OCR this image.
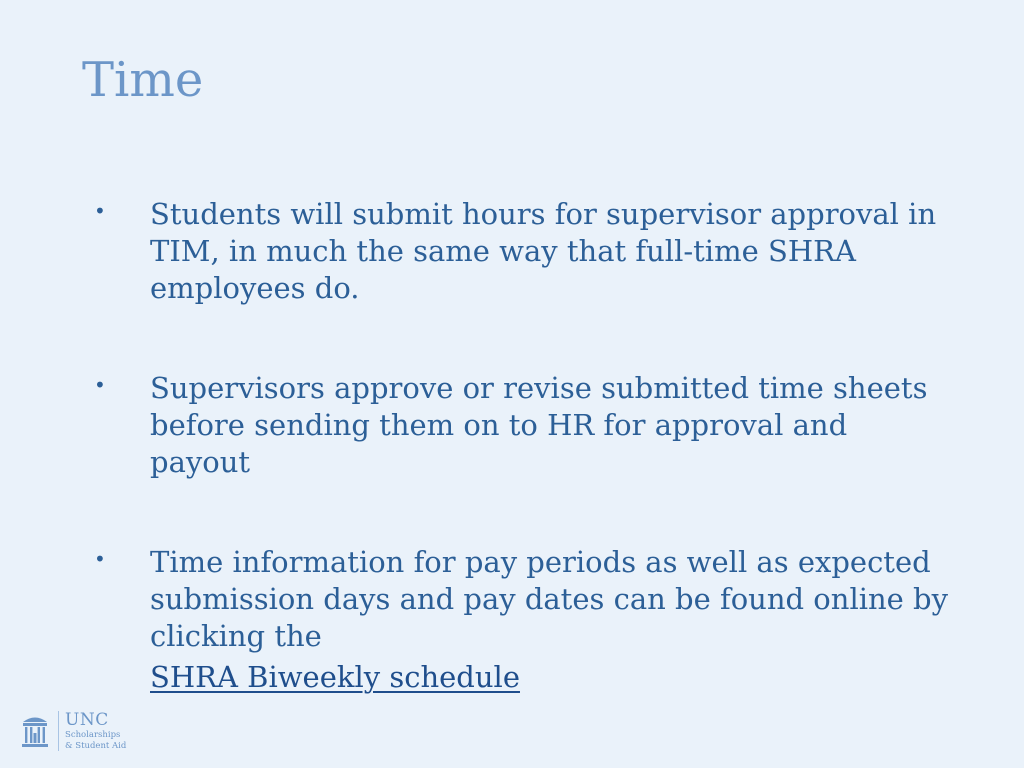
Time
• Students will submit hours for supervisor approval in TIM, in much the same way that full-time SHRA employees do.
• Supervisors approve or revise submitted time sheets before sending them on to HR for approval and payout
• Time information for pay periods as well as expected submission days and pay dates can be found online by clicking the
SHRA Biweekly schedule
UNC
Scholarships
& Student Aid
